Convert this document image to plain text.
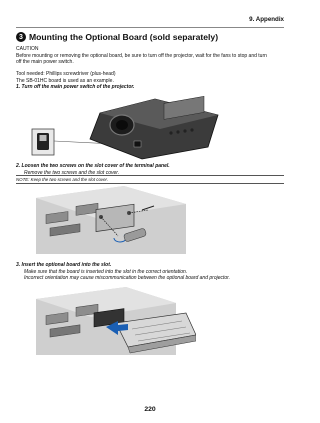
9. Appendix
3 Mounting the Optional Board (sold separately)
CAUTION
Before mounting or removing the optional board, be sure to turn off the projector, wait for the fans to stop and turn
off the main power switch.
Tool needed: Phillips screwdriver (plus-head)
The SB-01HC board is used as an example.
1. Turn off the main power switch of the projector.
2. Loosen the two screws on the slot cover of the terminal panel.
Remove the two screws and the slot cover.
NOTE: Keep the two screws and the slot cover.
3. Insert the optional board into the slot.
Make sure that the board is inserted into the slot in the correct orientation.
Incorrect orientation may cause miscommunication between the optional board and projector.
220
